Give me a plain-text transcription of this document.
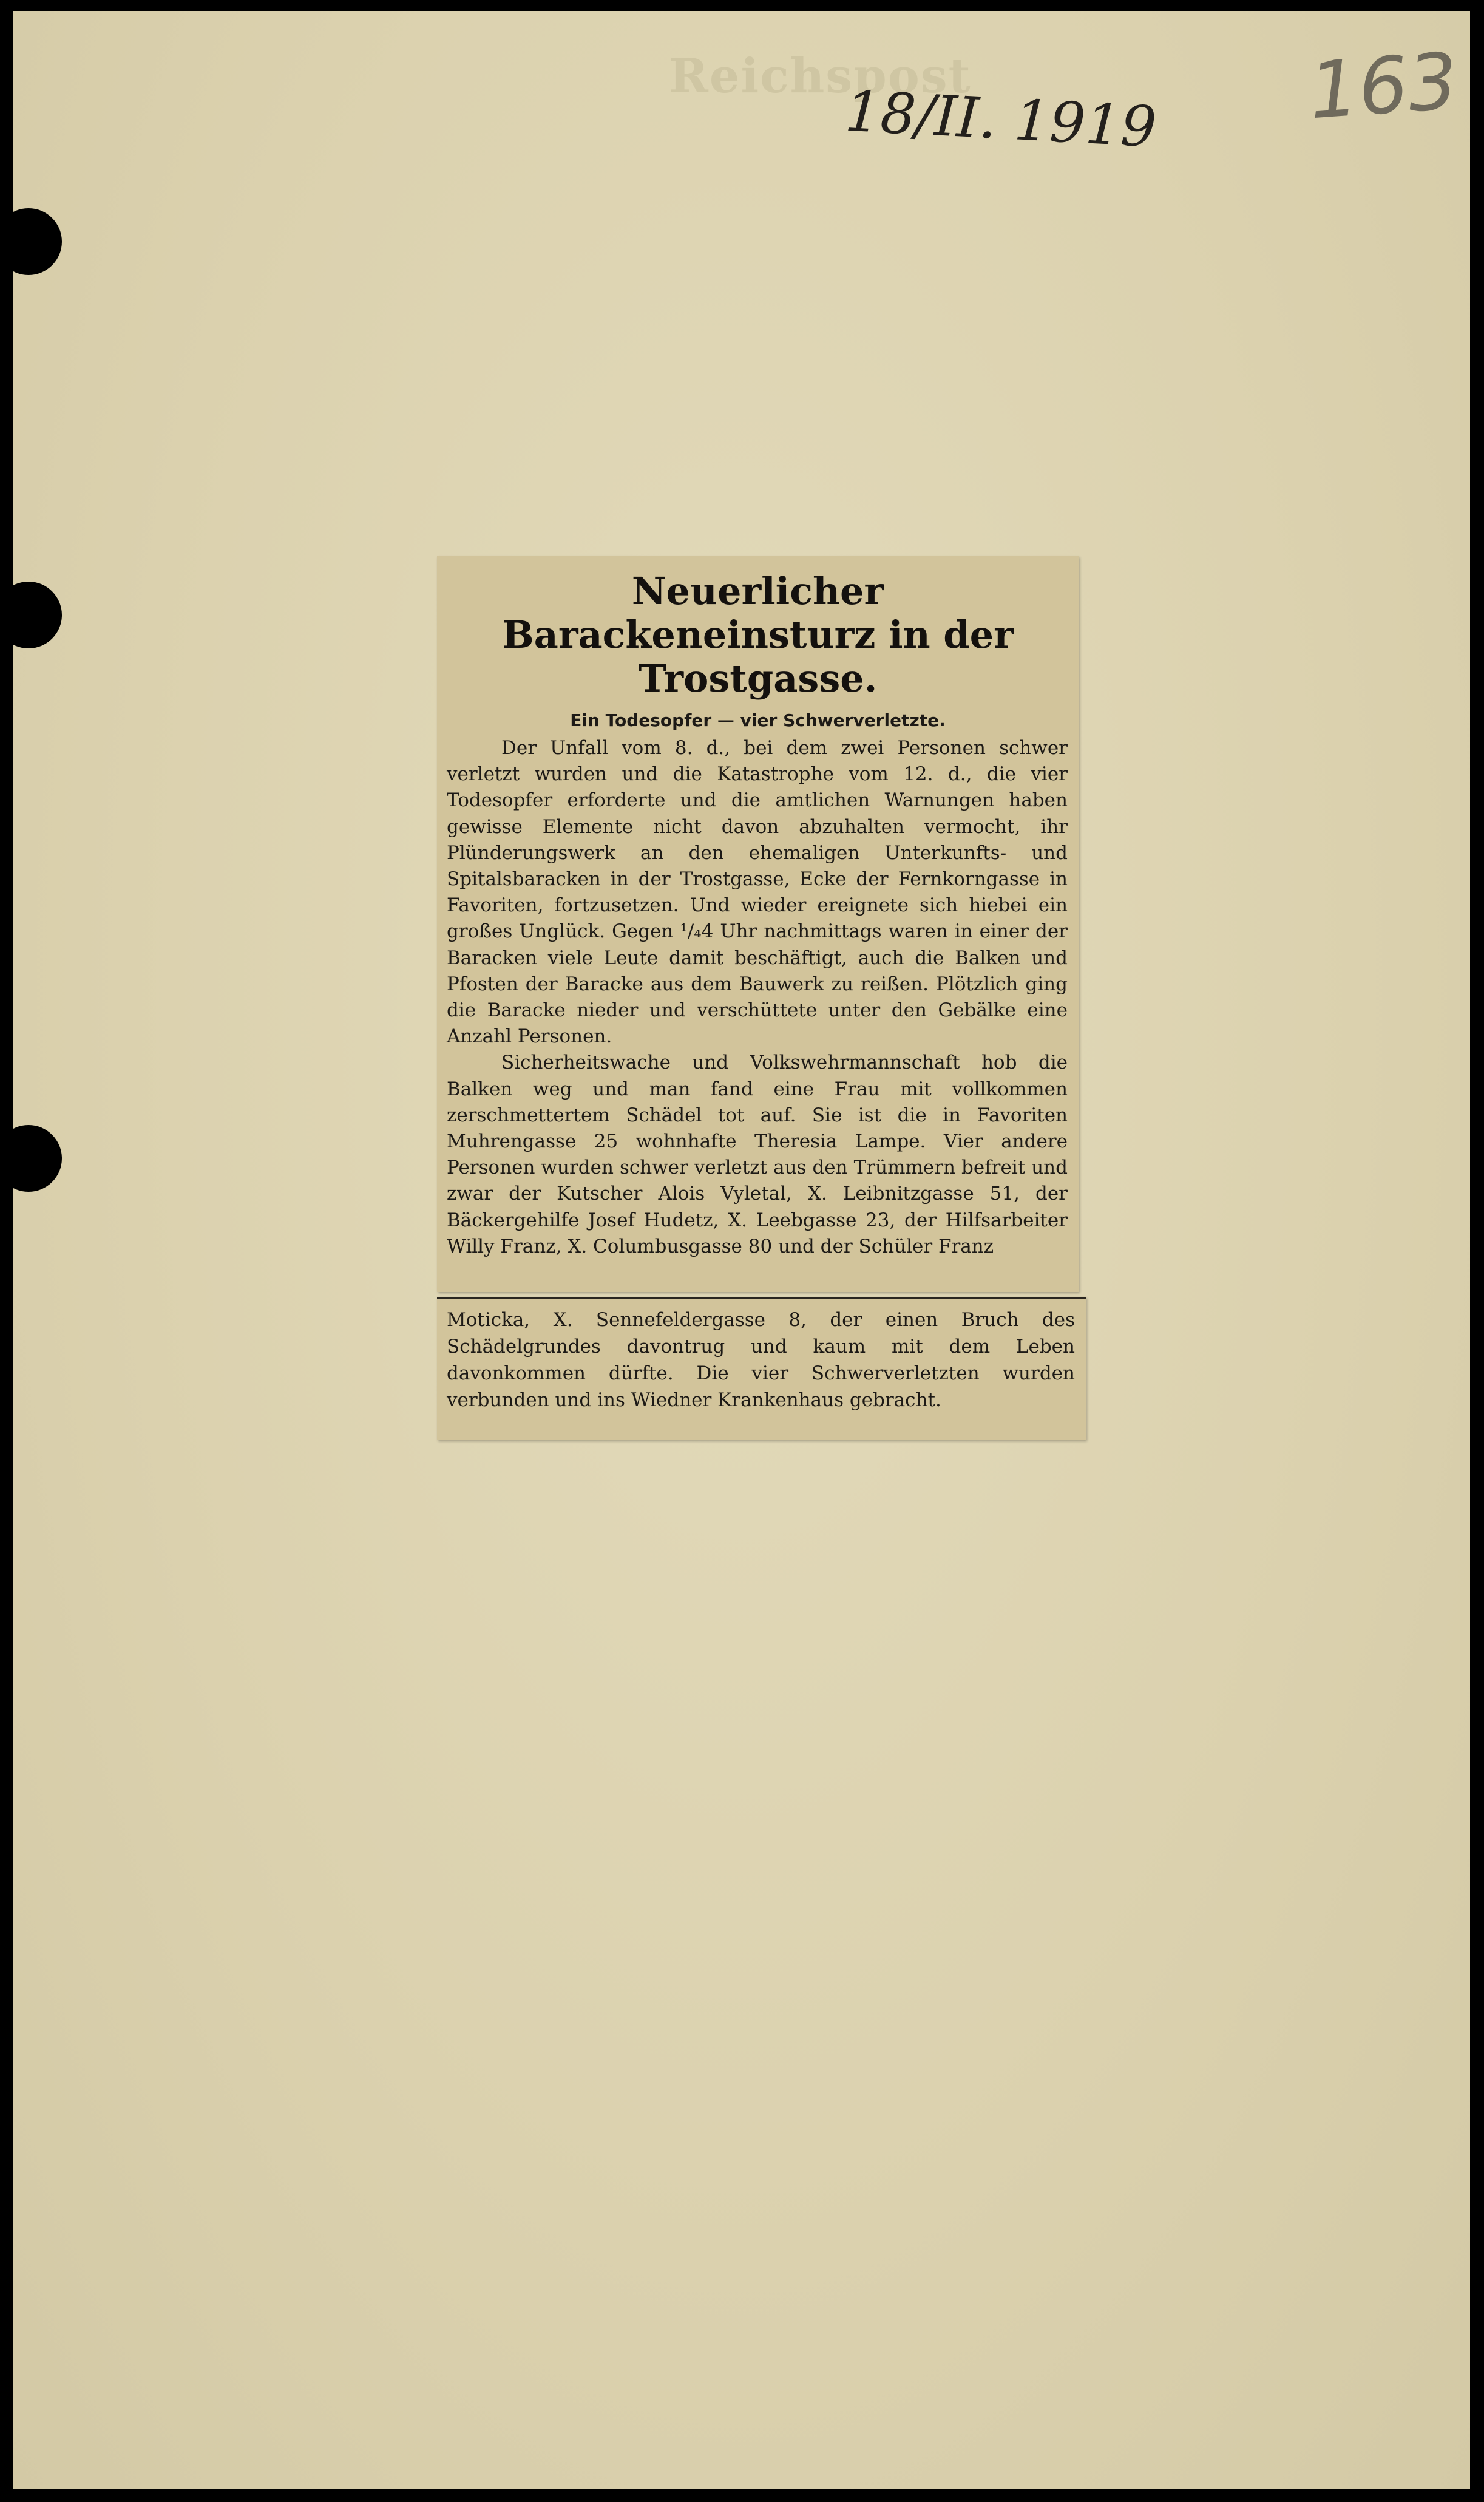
Reichspost
18/II. 1919 163
Neuerlicher Barackeneinsturz in der Trostgasse.
Ein Todesopfer — vier Schwerverletzte.

Der Unfall vom 8. d., bei dem zwei Personen schwer verletzt wurden und die Katastrophe vom 12. d., die vier Todesopfer erforderte und die amtlichen Warnungen haben gewisse Elemente nicht davon abzuhalten vermocht, ihr Plünderungswerk an den ehemaligen Unterkunfts- und Spitalsbaracken in der Trostgasse, Ecke der Fernkorngasse in Favoriten, fortzusetzen. Und wieder ereignete sich hiebei ein großes Unglück. Gegen ¹/₄4 Uhr nachmittags waren in einer der Baracken viele Leute damit beschäftigt, auch die Balken und Pfosten der Baracke aus dem Bauwerk zu reißen. Plötzlich ging die Baracke nieder und verschüttete unter den Gebälke eine Anzahl Personen.

Sicherheitswache und Volkswehrmannschaft hob die Balken weg und man fand eine Frau mit vollkommen zerschmettertem Schädel tot auf. Sie ist die in Favoriten Muhrengasse 25 wohnhafte Theresia Lampe. Vier andere Personen wurden schwer verletzt aus den Trümmern befreit und zwar der Kutscher Alois Vyletal, X. Leibnitzgasse 51, der Bäckergehilfe Josef Hudetz, X. Leebgasse 23, der Hilfsarbeiter Willy Franz, X. Columbusgasse 80 und der Schüler Franz

Moticka, X. Sennefeldergasse 8, der einen Bruch des Schädelgrundes davontrug und kaum mit dem Leben davonkommen dürfte. Die vier Schwerverletzten wurden verbunden und ins Wiedner Krankenhaus gebracht.
